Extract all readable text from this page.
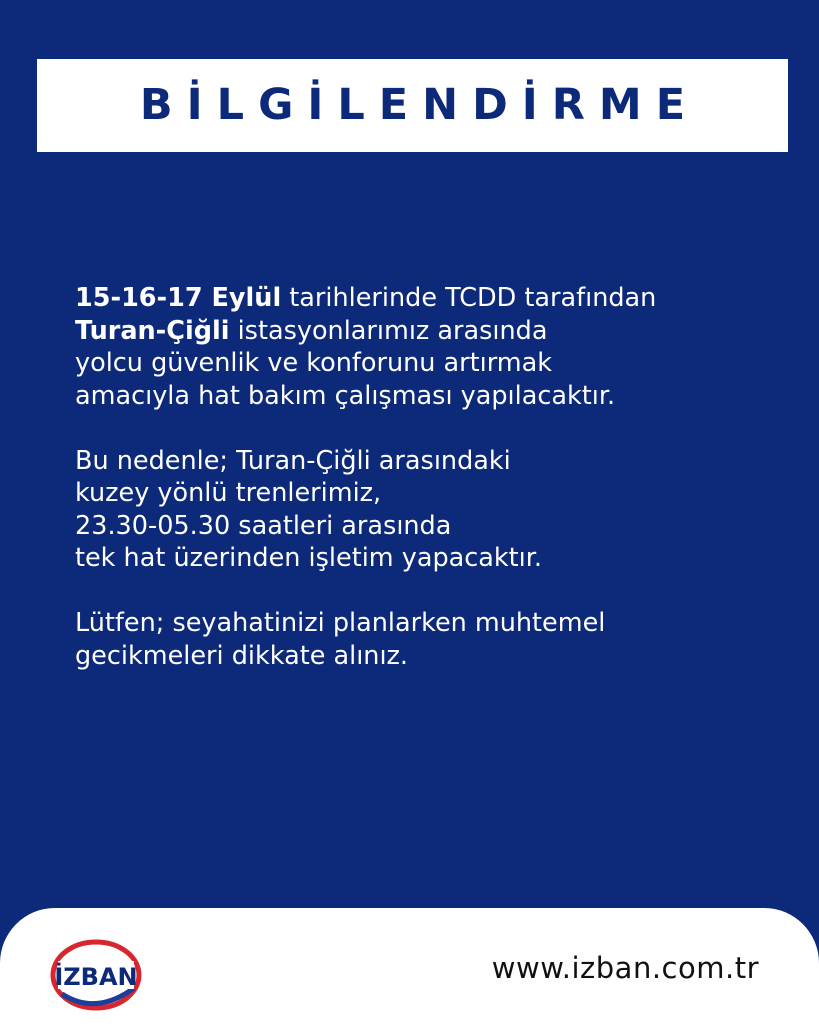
BİLGİLENDİRME

15-16-17 Eylül tarihlerinde TCDD tarafından
Turan-Çiğli istasyonlarımız arasında
yolcu güvenlik ve konforunu artırmak
amacıyla hat bakım çalışması yapılacaktır.

Bu nedenle; Turan-Çiğli arasındaki
kuzey yönlü trenlerimiz,
23.30-05.30 saatleri arasında
tek hat üzerinden işletim yapacaktır.

Lütfen; seyahatinizi planlarken muhtemel
gecikmeleri dikkate alınız.

İZBAN	www.izban.com.tr
